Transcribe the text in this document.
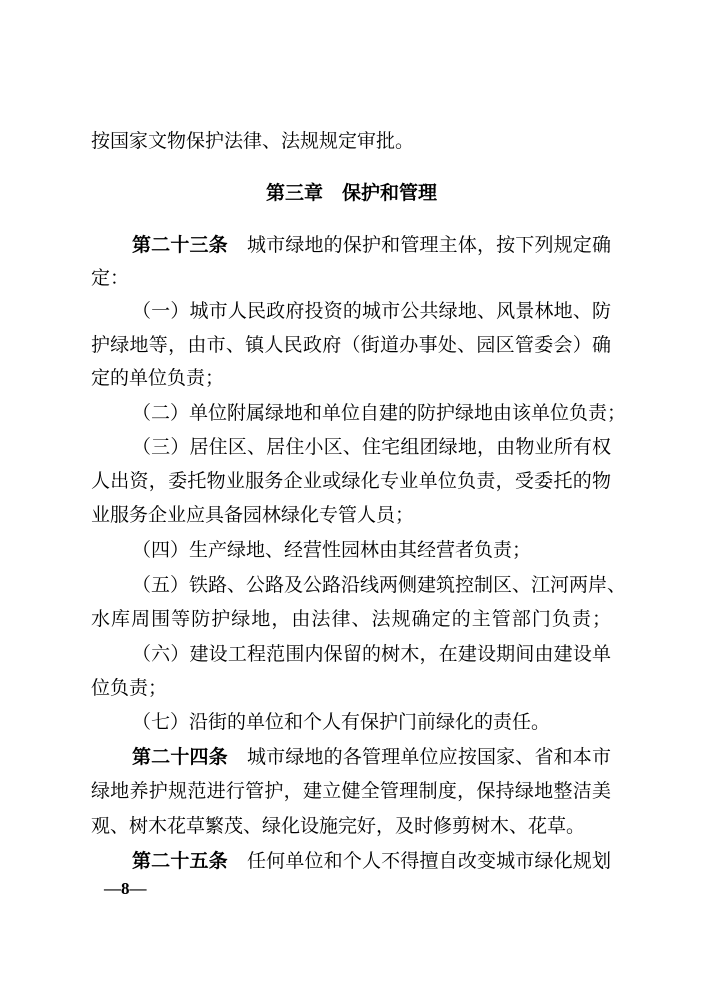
按国家文物保护法律、法规规定审批。
第三章　保护和管理
第二十三条 城市绿地的保护和管理主体，按下列规定确
定：
（一）城市人民政府投资的城市公共绿地、风景林地、防
护绿地等，由市、镇人民政府（街道办事处、园区管委会）确
定的单位负责；
（二）单位附属绿地和单位自建的防护绿地由该单位负责；
（三）居住区、居住小区、住宅组团绿地，由物业所有权
人出资，委托物业服务企业或绿化专业单位负责，受委托的物
业服务企业应具备园林绿化专管人员；
（四）生产绿地、经营性园林由其经营者负责；
（五）铁路、公路及公路沿线两侧建筑控制区、江河两岸、
水库周围等防护绿地，由法律、法规确定的主管部门负责；
（六）建设工程范围内保留的树木，在建设期间由建设单
位负责；
（七）沿街的单位和个人有保护门前绿化的责任。
第二十四条 城市绿地的各管理单位应按国家、省和本市
绿地养护规范进行管护，建立健全管理制度，保持绿地整洁美
观、树木花草繁茂、绿化设施完好，及时修剪树木、花草。
第二十五条 任何单位和个人不得擅自改变城市绿化规划
—8—
